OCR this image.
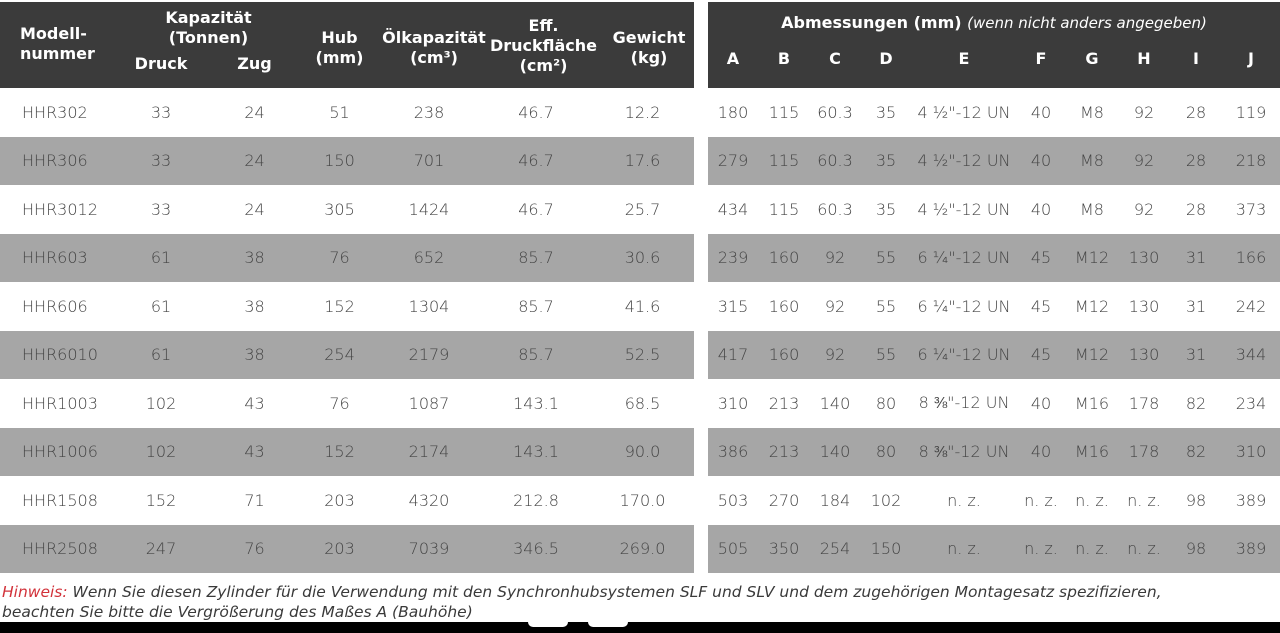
Modell-
nummer
Kapazität
(Tonnen)
Druck	Zug
Hub
(mm)
Ölkapazität
(cm³)
Eff.
Druckfläche
(cm²)
Gewicht
(kg)
HHR302	33	24	51	238	46.7	12.2
HHR306	33	24	150	701	46.7	17.6
HHR3012	33	24	305	1424	46.7	25.7
HHR603	61	38	76	652	85.7	30.6
HHR606	61	38	152	1304	85.7	41.6
HHR6010	61	38	254	2179	85.7	52.5
HHR1003	102	43	76	1087	143.1	68.5
HHR1006	102	43	152	2174	143.1	90.0
HHR1508	152	71	203	4320	212.8	170.0
HHR2508	247	76	203	7039	346.5	269.0
Abmessungen (mm) (wenn nicht anders angegeben)
A	B	C	D	E	F	G	H	I	J
180	115	60.3	35	4 ½"-12 UN	40	M8	92	28	119
279	115	60.3	35	4 ½"-12 UN	40	M8	92	28	218
434	115	60.3	35	4 ½"-12 UN	40	M8	92	28	373
239	160	92	55	6 ¼"-12 UN	45	M12	130	31	166
315	160	92	55	6 ¼"-12 UN	45	M12	130	31	242
417	160	92	55	6 ¼"-12 UN	45	M12	130	31	344
310	213	140	80	8 ⅜"-12 UN	40	M16	178	82	234
386	213	140	80	8 ⅜"-12 UN	40	M16	178	82	310
503	270	184	102	n. z.	n. z.	n. z.	n. z.	98	389
505	350	254	150	n. z.	n. z.	n. z.	n. z.	98	389
Hinweis: Wenn Sie diesen Zylinder für die Verwendung mit den Synchronhubsystemen SLF und SLV und dem zugehörigen Montagesatz spezifizieren,
beachten Sie bitte die Vergrößerung des Maßes A (Bauhöhe)
